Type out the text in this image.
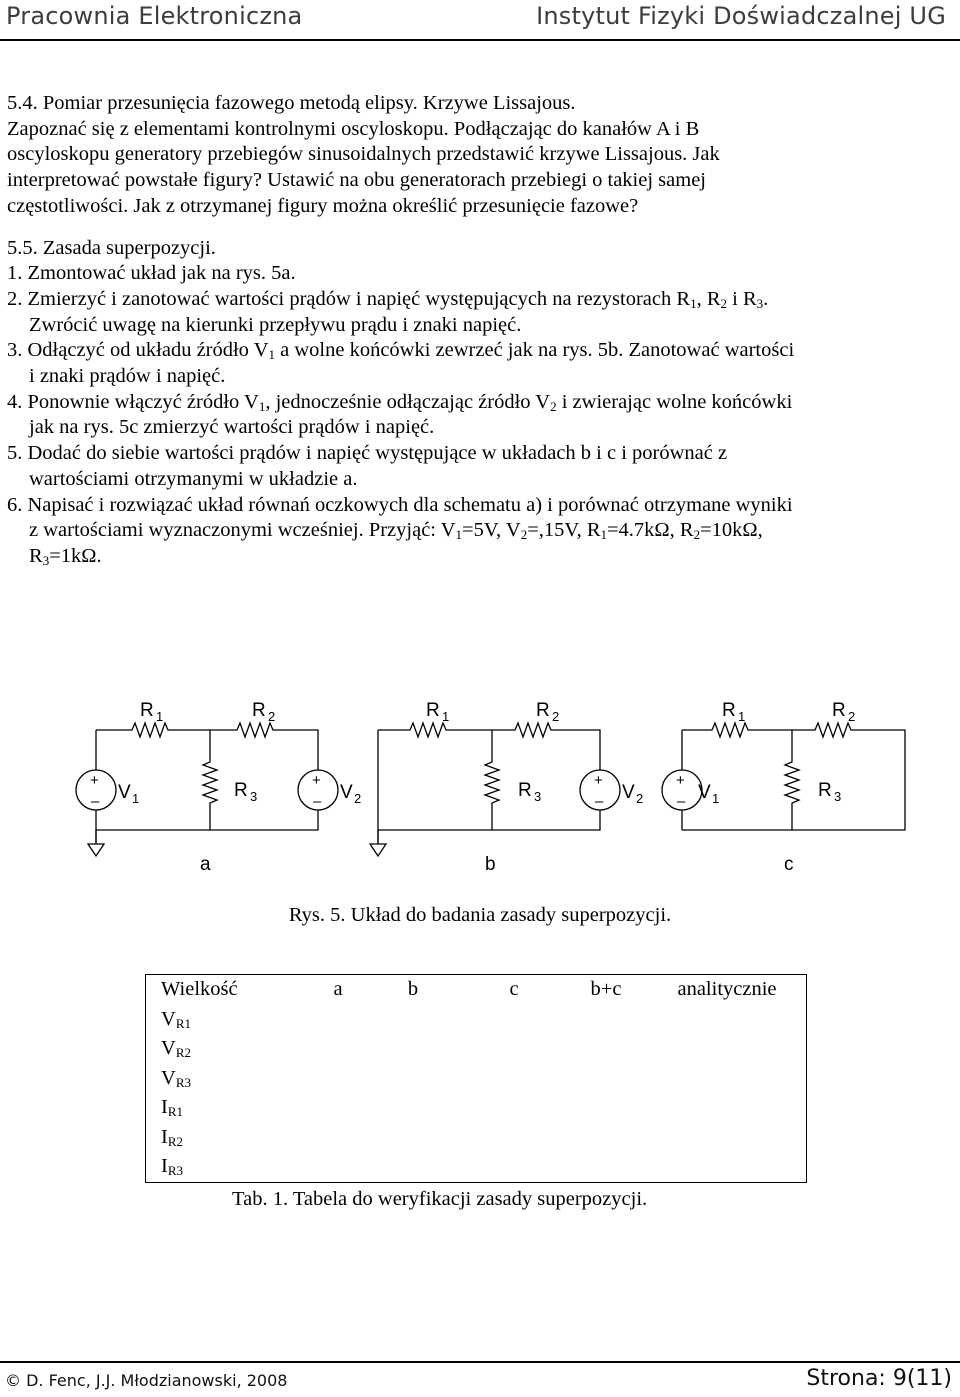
Pracownia Elektroniczna	Instytut Fizyki Doświadczalnej UG

5.4. Pomiar przesunięcia fazowego metodą elipsy. Krzywe Lissajous.

Zapoznać się z elementami kontrolnymi oscyloskopu. Podłączając do kanałów A i B

oscyloskopu generatory przebiegów sinusoidalnych przedstawić krzywe Lissajous. Jak

interpretować powstałe figury? Ustawić na obu generatorach przebiegi o takiej samej

częstotliwości. Jak z otrzymanej figury można określić przesunięcie fazowe?

5.5. Zasada superpozycji.

1. Zmontować układ jak na rys. 5a.

2. Zmierzyć i zanotować wartości prądów i napięć występujących na rezystorach $R_1$, $R_2$ i $R_3$.

Zwrócić uwagę na kierunki przepływu prądu i znaki napięć.

3. Odłączyć od układu źródło $V_1$ a wolne końcówki zewrzeć jak na rys. 5b. Zanotować wartości

i znaki prądów i napięć.

4. Ponownie włączyć źródło $V_1$, jednocześnie odłączając źródło $V_2$ i zwierając wolne końcówki

jak na rys. 5c zmierzyć wartości prądów i napięć.

5. Dodać do siebie wartości prądów i napięć występujące w układach b i c i porównać z

wartościami otrzymanymi w układzie a.

6. Napisać i rozwiązać układ równań oczkowych dla schematu a) i porównać otrzymane wyniki

z wartościami wyznaczonymi wcześniej. Przyjąć: $V_1=5V$, $V_2=,15V$, $R_1=4.7k\Omega$, $R_2=10k\Omega$,

$R_3=1k\Omega$.

R 1	R 2
R 3
V 1	V 2
+
–
+
–
a
R 1	R 2
R 3	V 2
+
–
b
R 1	R 2
R 3
V 1
+
–
c
Rys. 5. Układ do badania zasady superpozycji.
Wielkość	a	b	c	b+c	analitycznie
$V_{R1}$					
$V_{R2}$					
$V_{R3}$					
$I_{R1}$					
$I_{R2}$					
$I_{R3}$					
Tab. 1. Tabela do weryfikacji zasady superpozycji.
© D. Fenc, J.J. Młodzianowski, 2008	Strona: 9(11)
